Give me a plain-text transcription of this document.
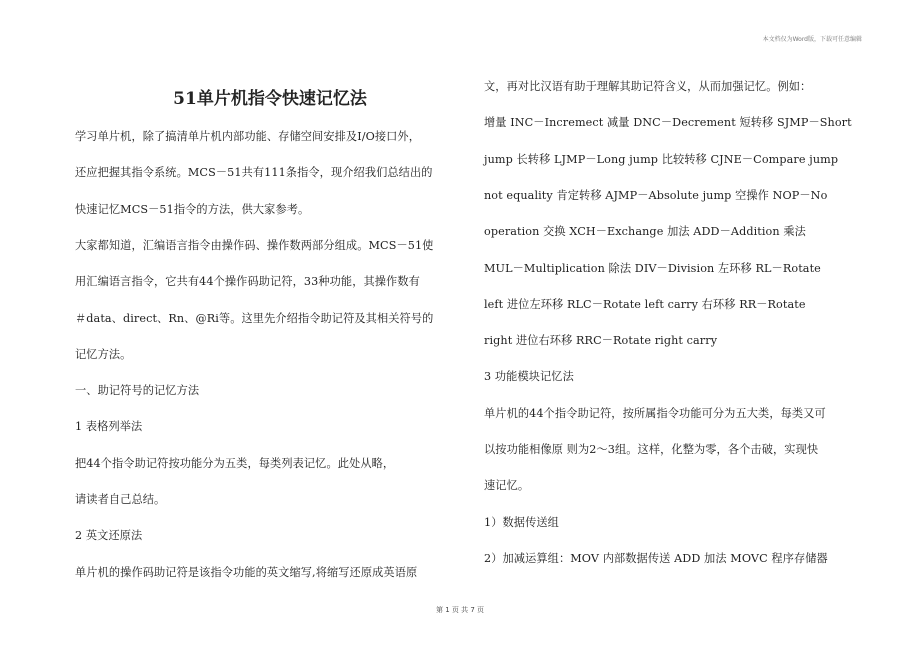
本文档仅为Word版，下载可任意编辑
51单片机指令快速记忆法
学习单片机，除了搞清单片机内部功能、存储空间安排及I/O接口外，
还应把握其指令系统。MCS－51共有111条指令，现介绍我们总结出的
快速记忆MCS－51指令的方法，供大家参考。
大家都知道，汇编语言指令由操作码、操作数两部分组成。MCS－51使
用汇编语言指令，它共有44个操作码助记符，33种功能，其操作数有
＃data、direct、Rn、@Ri等。这里先介绍指令助记符及其相关符号的
记忆方法。
一、助记符号的记忆方法
1 表格列举法
把44个指令助记符按功能分为五类，每类列表记忆。此处从略，
请读者自己总结。
2 英文还原法
单片机的操作码助记符是该指令功能的英文缩写,将缩写还原成英语原
文，再对比汉语有助于理解其助记符含义，从而加强记忆。例如：
增量 INC－Incremect 减量 DNC－Decrement 短转移 SJMP－Short
jump 长转移 LJMP－Long jump 比较转移 CJNE－Compare jump
not equality 肯定转移 AJMP－Absolute jump 空操作 NOP－No
operation 交换 XCH－Exchange 加法 ADD－Addition 乘法
MUL－Multiplication 除法 DIV－Division 左环移 RL－Rotate
left 进位左环移 RLC－Rotate left carry 右环移 RR－Rotate
right 进位右环移 RRC－Rotate right carry
3 功能模块记忆法
单片机的44个指令助记符，按所属指令功能可分为五大类，每类又可
以按功能相像原 则为2～3组。这样，化整为零，各个击破，实现快
速记忆。
1）数据传送组
2）加减运算组：MOV 内部数据传送 ADD 加法 MOVC 程序存储器
第 1 页 共 7 页
